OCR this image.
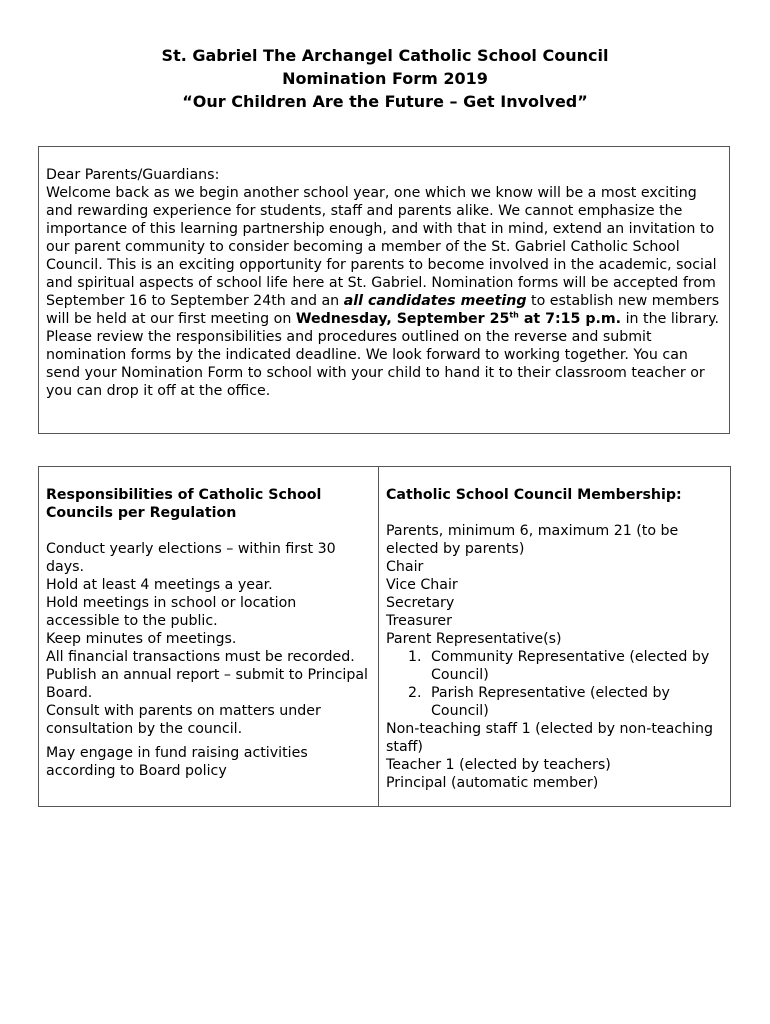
St. Gabriel The Archangel Catholic School Council
Nomination Form 2019
“Our Children Are the Future – Get Involved”

Dear Parents/Guardians:

Welcome back as we begin another school year, one which we know will be a most exciting and rewarding experience for students, staff and parents alike. We cannot emphasize the importance of this learning partnership enough, and with that in mind, extend an invitation to our parent community to consider becoming a member of the St. Gabriel Catholic School Council. This is an exciting opportunity for parents to become involved in the academic, social and spiritual aspects of school life here at St. Gabriel. Nomination forms will be accepted from September 16 to September 24th and an all candidates meeting to establish new members will be held at our first meeting on Wednesday, September 25th at 7:15 p.m. in the library. Please review the responsibilities and procedures outlined on the reverse and submit nomination forms by the indicated deadline. We look forward to working together. You can send your Nomination Form to school with your child to hand it to their classroom teacher or you can drop it off at the office.

Responsibilities of Catholic School Councils per Regulation
Conduct yearly elections – within first 30 days.
Hold at least 4 meetings a year.
Hold meetings in school or location accessible to the public.
Keep minutes of meetings.
All financial transactions must be recorded.
Publish an annual report – submit to Principal Board.
Consult with parents on matters under consultation by the council.
May engage in fund raising activities according to Board policy
Catholic School Council Membership:
Parents, minimum 6, maximum 21 (to be elected by parents)
Chair
Vice Chair
Secretary
Treasurer
Parent Representative(s)
1. Community Representative (elected by Council)
2. Parish Representative (elected by Council)
Non-teaching staff 1 (elected by non-teaching staff)
Teacher 1 (elected by teachers)
Principal (automatic member)
